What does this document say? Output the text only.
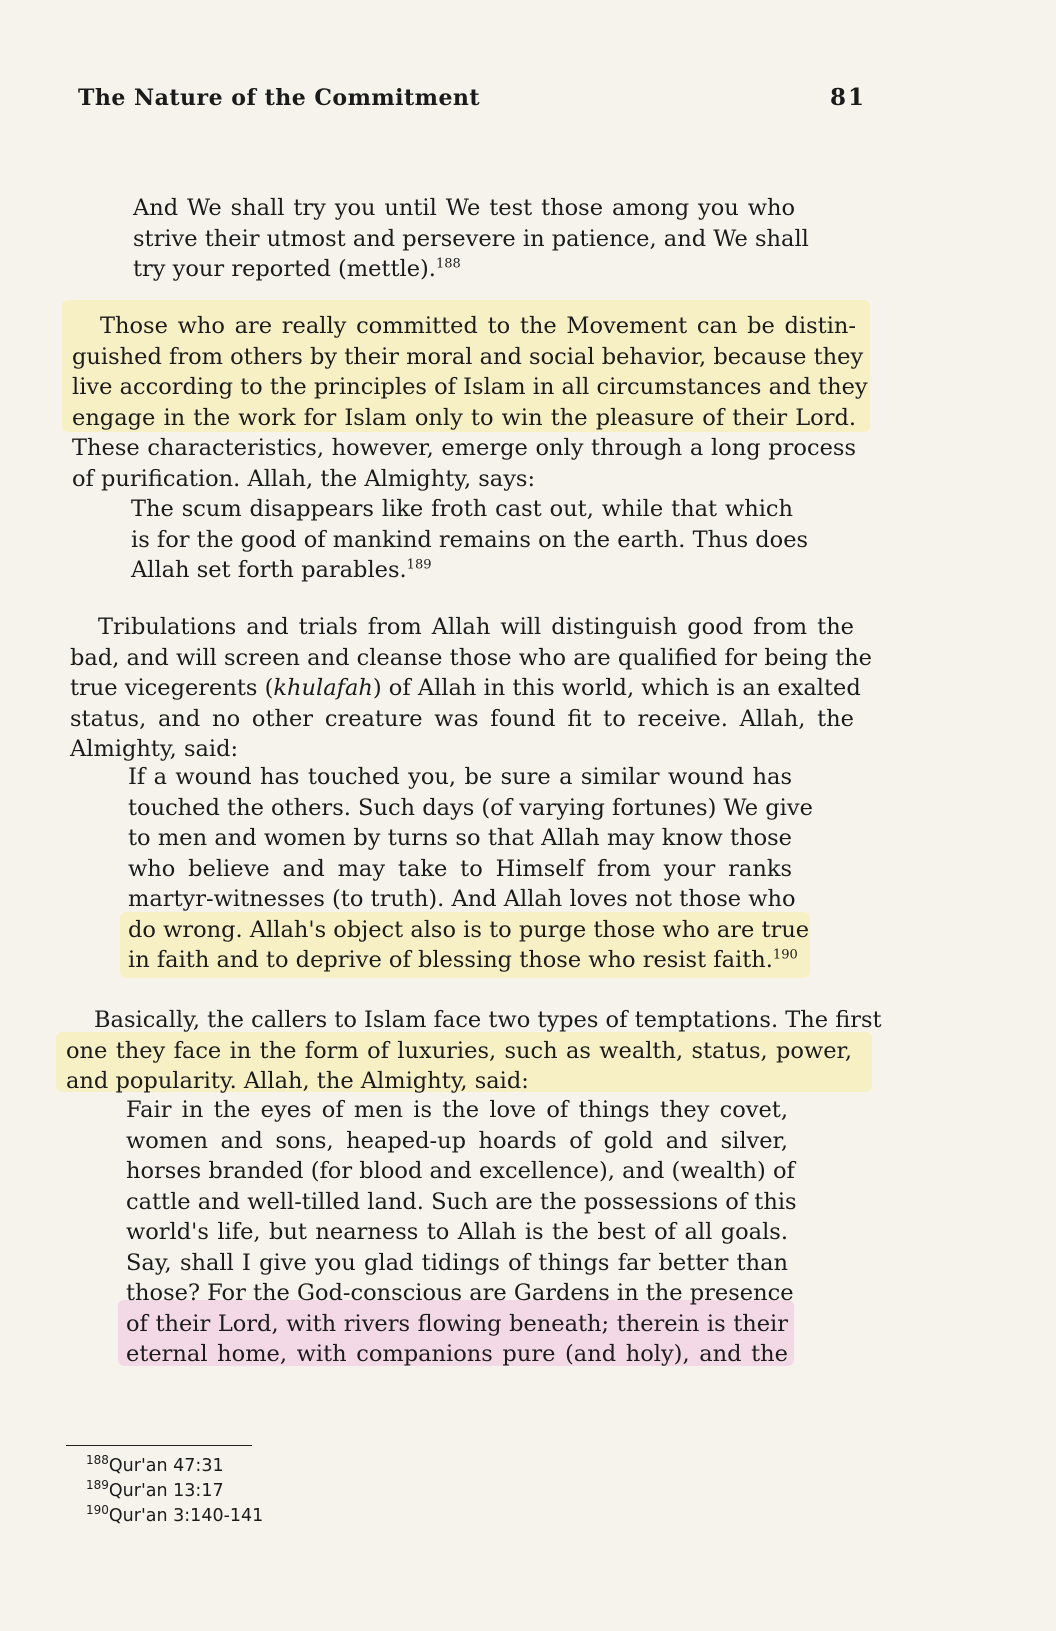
The Nature of the Commitment	81
And We shall try you until We test those among you who
strive their utmost and persevere in patience, and We shall
try your reported (mettle).$^{188}$
Those who are really committed to the Movement can be distin-
guished from others by their moral and social behavior, because they
live according to the principles of Islam in all circumstances and they
engage in the work for Islam only to win the pleasure of their Lord.
These characteristics, however, emerge only through a long process
of purification. Allah, the Almighty, says:
The scum disappears like froth cast out, while that which
is for the good of mankind remains on the earth. Thus does
Allah set forth parables.$^{189}$
Tribulations and trials from Allah will distinguish good from the
bad, and will screen and cleanse those who are qualified for being the
true vicegerents (khulafah) of Allah in this world, which is an exalted
status, and no other creature was found fit to receive. Allah, the
Almighty, said:
If a wound has touched you, be sure a similar wound has
touched the others. Such days (of varying fortunes) We give
to men and women by turns so that Allah may know those
who believe and may take to Himself from your ranks
martyr-witnesses (to truth). And Allah loves not those who
do wrong. Allah's object also is to purge those who are true
in faith and to deprive of blessing those who resist faith.$^{190}$
Basically, the callers to Islam face two types of temptations. The first
one they face in the form of luxuries, such as wealth, status, power,
and popularity. Allah, the Almighty, said:
Fair in the eyes of men is the love of things they covet,
women and sons, heaped-up hoards of gold and silver,
horses branded (for blood and excellence), and (wealth) of
cattle and well-tilled land. Such are the possessions of this
world's life, but nearness to Allah is the best of all goals.
Say, shall I give you glad tidings of things far better than
those? For the God-conscious are Gardens in the presence
of their Lord, with rivers flowing beneath; therein is their
eternal home, with companions pure (and holy), and the
$^{188}$Qur'an 47:31
$^{189}$Qur'an 13:17
$^{190}$Qur'an 3:140-141
